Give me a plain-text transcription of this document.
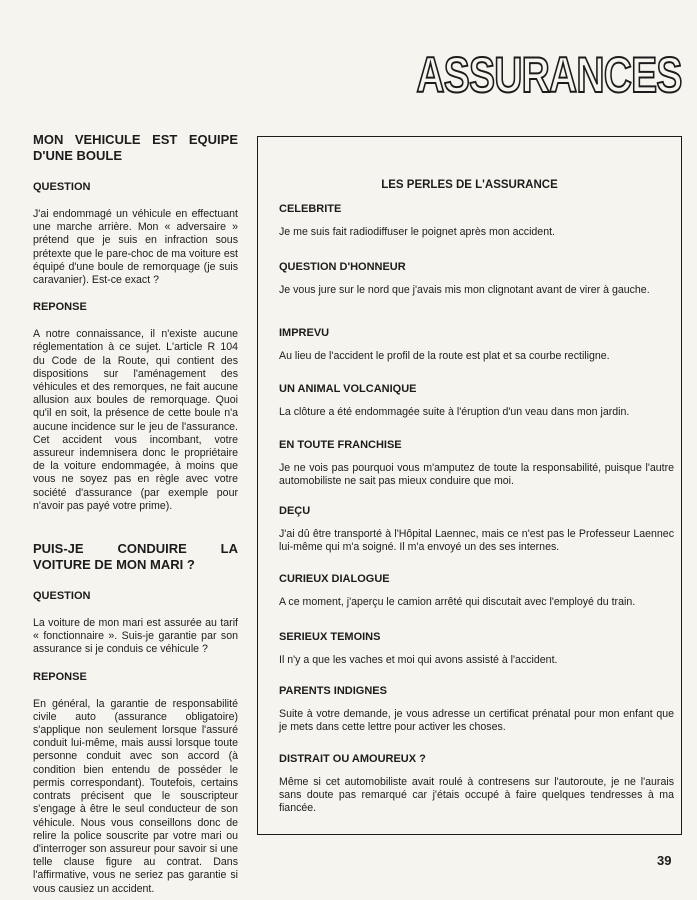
ASSURANCES
MON VEHICULE EST EQUIPE D'UNE BOULE
QUESTION

J'ai endommagé un véhicule en effectuant une marche arrière. Mon « adversaire » prétend que je suis en infraction sous prétexte que le pare-choc de ma voiture est équipé d'une boule de remorquage (je suis caravanier). Est-ce exact ?

REPONSE

A notre connaissance, il n'existe aucune réglementation à ce sujet. L'article R 104 du Code de la Route, qui contient des dispositions sur l'aménagement des véhicules et des remorques, ne fait aucune allusion aux boules de remorquage. Quoi qu'il en soit, la présence de cette boule n'a aucune incidence sur le jeu de l'assurance. Cet accident vous incombant, votre assureur indemnisera donc le propriétaire de la voiture endommagée, à moins que vous ne soyez pas en règle avec votre société d'assurance (par exemple pour n'avoir pas payé votre prime).

PUIS-JE CONDUIRE LA VOITURE DE MON MARI ?
QUESTION

La voiture de mon mari est assurée au tarif « fonctionnaire ». Suis-je garantie par son assurance si je conduis ce véhicule ?

REPONSE

En général, la garantie de responsabilité civile auto (assurance obligatoire) s'applique non seulement lorsque l'assuré conduit lui-même, mais aussi lorsque toute personne conduit avec son accord (à condition bien entendu de posséder le permis correspondant). Toutefois, certains contrats précisent que le souscripteur s'engage à être le seul conducteur de son véhicule. Nous vous conseillons donc de relire la police souscrite par votre mari ou d'interroger son assureur pour savoir si une telle clause figure au contrat. Dans l'affirmative, vous ne seriez pas garantie si vous causiez un accident.

LES PERLES DE L'ASSURANCE
CELEBRITE

Je me suis fait radiodiffuser le poignet après mon accident.

QUESTION D'HONNEUR

Je vous jure sur le nord que j'avais mis mon clignotant avant de virer à gauche.

IMPREVU

Au lieu de l'accident le profil de la route est plat et sa courbe rectiligne.

UN ANIMAL VOLCANIQUE

La clôture a été endommagée suite à l'éruption d'un veau dans mon jardin.

EN TOUTE FRANCHISE

Je ne vois pas pourquoi vous m'amputez de toute la responsabilité, puisque l'autre automobiliste ne sait pas mieux conduire que moi.

DEÇU

J'ai dû être transporté à l'Hôpital Laennec, mais ce n'est pas le Professeur Laennec lui-même qui m'a soigné. Il m'a envoyé un des ses internes.

CURIEUX DIALOGUE

A ce moment, j'aperçu le camion arrêté qui discutait avec l'employé du train.

SERIEUX TEMOINS

Il n'y a que les vaches et moi qui avons assisté à l'accident.

PARENTS INDIGNES

Suite à votre demande, je vous adresse un certificat prénatal pour mon enfant que je mets dans cette lettre pour activer les choses.

DISTRAIT OU AMOUREUX ?

Même si cet automobiliste avait roulé à contresens sur l'autoroute, je ne l'aurais sans doute pas remarqué car j'étais occupé à faire quelques tendresses à ma fiancée.

39
